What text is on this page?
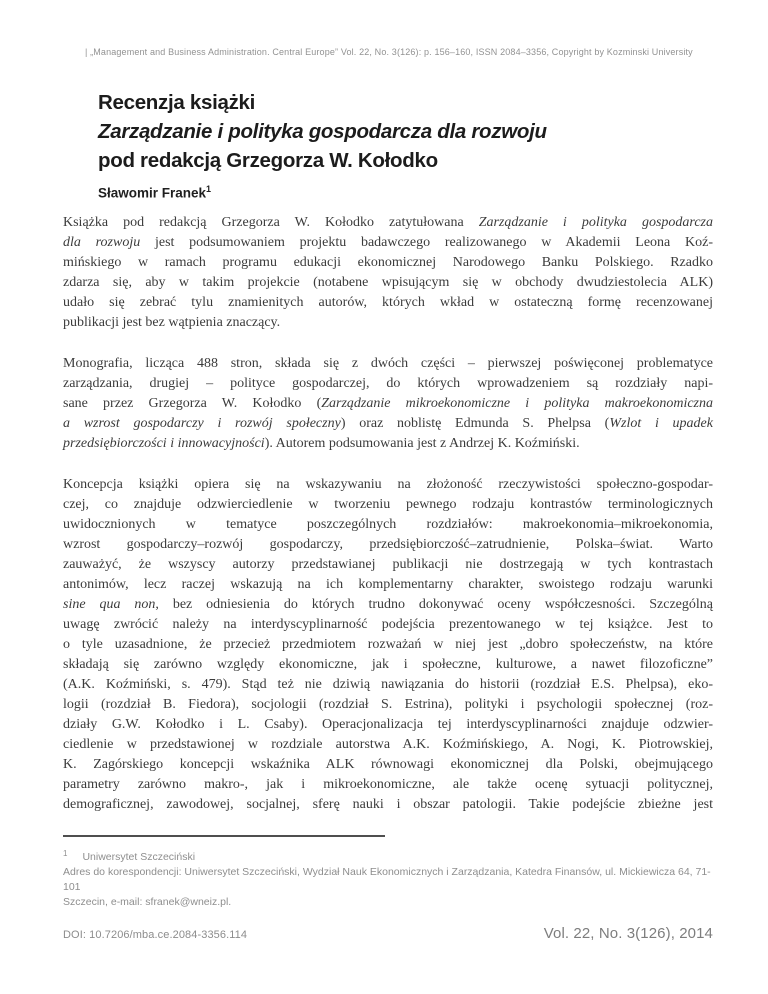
| „Management and Business Administration. Central Europe” Vol. 22, No. 3(126): p. 156–160, ISSN 2084–3356, Copyright by Kozminski University
Recenzja książki
Zarządzanie i polityka gospodarcza dla rozwoju
pod redakcją Grzegorza W. Kołodko
Sławomir Franek$^1$
Książka pod redakcją Grzegorza W. Kołodko zatytułowana Zarządzanie i polityka gospodarcza
dla rozwoju jest podsumowaniem projektu badawczego realizowanego w Akademii Leona Koź-
mińskiego w ramach programu edukacji ekonomicznej Narodowego Banku Polskiego. Rzadko
zdarza się, aby w takim projekcie (notabene wpisującym się w obchody dwudziestolecia ALK)
udało się zebrać tylu znamienitych autorów, których wkład w ostateczną formę recenzowanej
publikacji jest bez wątpienia znaczący.
Monografia, licząca 488 stron, składa się z dwóch części – pierwszej poświęconej problematyce
zarządzania, drugiej – polityce gospodarczej, do których wprowadzeniem są rozdziały napi-
sane przez Grzegorza W. Kołodko (Zarządzanie mikroekonomiczne i polityka makroekonomiczna
a wzrost gospodarczy i rozwój społeczny) oraz noblistę Edmunda S. Phelpsa (Wzlot i upadek
przedsiębiorczości i innowacyjności). Autorem podsumowania jest z Andrzej K. Koźmiński.
Koncepcja książki opiera się na wskazywaniu na złożoność rzeczywistości społeczno-gospodar-
czej, co znajduje odzwierciedlenie w tworzeniu pewnego rodzaju kontrastów terminologicznych
uwidocznionych w tematyce poszczególnych rozdziałów: makroekonomia–mikroekonomia,
wzrost gospodarczy–rozwój gospodarczy, przedsiębiorczość–zatrudnienie, Polska–świat. Warto
zauważyć, że wszyscy autorzy przedstawianej publikacji nie dostrzegają w tych kontrastach
antonimów, lecz raczej wskazują na ich komplementarny charakter, swoistego rodzaju warunki
sine qua non, bez odniesienia do których trudno dokonywać oceny współczesności. Szczególną
uwagę zwrócić należy na interdyscyplinarność podejścia prezentowanego w tej książce. Jest to
o tyle uzasadnione, że przecież przedmiotem rozważań w niej jest „dobro społeczeństw, na które
składają się zarówno względy ekonomiczne, jak i społeczne, kulturowe, a nawet filozoficzne”
(A.K. Koźmiński, s. 479). Stąd też nie dziwią nawiązania do historii (rozdział E.S. Phelpsa), eko-
logii (rozdział B. Fiedora), socjologii (rozdział S. Estrina), polityki i psychologii społecznej (roz-
działy G.W. Kołodko i L. Csaby). Operacjonalizacja tej interdyscyplinarności znajduje odzwier-
ciedlenie w przedstawionej w rozdziale autorstwa A.K. Koźmińskiego, A. Nogi, K. Piotrowskiej,
K. Zagórskiego koncepcji wskaźnika ALK równowagi ekonomicznej dla Polski, obejmującego
parametry zarówno makro-, jak i mikroekonomiczne, ale także ocenę sytuacji politycznej,
demograficznej, zawodowej, socjalnej, sferę nauki i obszar patologii. Takie podejście zbieżne jest
$^1$ Uniwersytet Szczeciński
Adres do korespondencji: Uniwersytet Szczeciński, Wydział Nauk Ekonomicznych i Zarządzania, Katedra Finansów, ul. Mickiewicza 64, 71-101
Szczecin, e-mail: sfranek@wneiz.pl.
DOI: 10.7206/mba.ce.2084-3356.114	Vol. 22, No. 3(126), 2014
